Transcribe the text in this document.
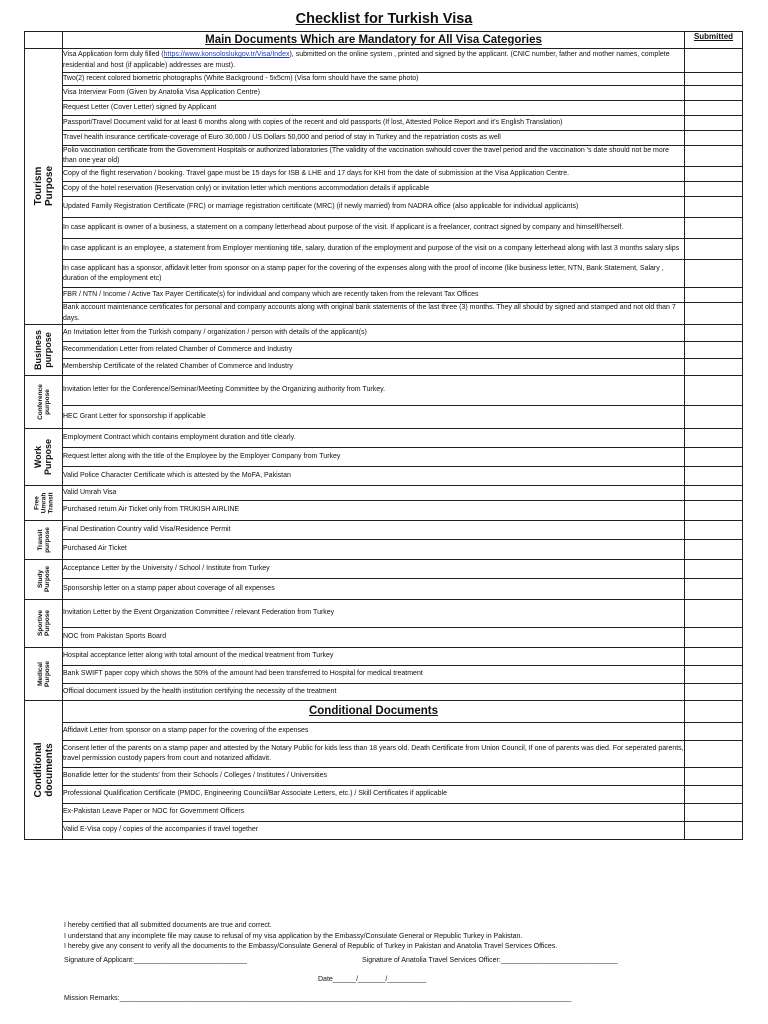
Checklist for Turkish Visa
	Main Documents Which are Mandatory for All Visa Categories	Submitted

Tourism Purpose	Visa Application form duly filled (https://www.konsoloslukgov.tr/Visa/Index), submitted on the online system , printed and signed by the applicant. (CNIC number, father and mother names, complete residential and host (if applicable) addresses are must).	
	Two(2) recent colored biometric photographs (White Background - 5x5cm) (Visa form should have the same photo)	
	Visa Interview Form (Given by Anatolia Visa Application Centre)	
	Request Letter (Cover Letter) signed by Applicant	
	Passport/Travel Document valid for at least 6 months along with copies of the recent and old passports (If lost, Attested Police Report and it's English Translation)	
	Travel health insurance certificate-coverage of Euro 30,000 / US Dollars 50,000 and period of stay in Turkey and the repatriation costs as well	
	Polio vaccination certificate from the Government Hospitals or authorized laboratories (The validity of the vaccination swhould cover the travel period and the vaccination 's date should not be more than one year old)	
	Copy of the flight reservation / booking. Travel gape must be 15 days for ISB & LHE and 17 days for KHI from the date of submission at the Visa Application Centre.	
	Copy of the hotel reservation (Reservation only) or invitation letter which mentions accommodation details if applicable	
	Updated Family Registration Certificate (FRC) or marriage registration certificate (MRC) (if newly married) from NADRA office (also applicable for individual applicants)	
	In case applicant is owner of a business, a statement on a company letterhead about purpose of the visit. If applicant is a freelancer, contract signed by company and himself/herself.	
	In case applicant is an employee, a statement from Employer mentioning title, salary, duration of the employment and purpose of the visit on a company letterhead along with last 3 months salary slips	
	In case applicant has a sponsor, affidavit letter from sponsor on a stamp paper for the covering of the expenses along with the proof of income (like business letter, NTN, Bank Statement, Salary , duration of the employment etc)	
	FBR / NTN / Income / Active Tax Payer Certificate(s) for individual and company which are recently taken from the relevant Tax Offices	
	Bank account maintenance certificates for personal and company accounts along with original bank statements of the last three (3) months. They all should by signed and stamped and not old than 7 days.	

Business
purpose	An Invitation letter from the Turkish company / organization / person with details of the applicant(s)	
	Recommendation Letter from related Chamber of Commerce and Industry	
	Membership Certificate of the related Chamber of Commerce and Industry	

Conference
purpose	Invitation letter for the Conference/Seminar/Meeting Committee by the Organizing authority from Turkey.	
	HEC Grant Letter for sponsorship if applicable	

Work
Purpose	Employment Contract which contains employment duration and title clearly.	
	Request letter along with the title of the Employee by the Employer Company from Turkey	
	Valid Police Character Certificate which is attested by the MoFA, Pakistan	

Free
Umrah
Transit	Valid Umrah Visa	
	Purchased return Air Ticket only from TRUKISH AIRLINE	

Transit
purpose	Final Destination Country valid Visa/Residence Permit	
	Purchased Air Ticket	

Study
Purpose	Acceptance Letter by the University / School / Institute from Turkey	
	Sponsorship letter on a stamp paper about coverage of all expenses	

Sportive
Purpose	Invitation Letter by the Event Organization Committee / relevant Federation from Turkey	
	NOC from Pakistan Sports Board	

Medical
Purpose	Hospital acceptance letter along with total amount of the medical treatment from Turkey	
	Bank SWIFT paper copy which shows the 50% of the amount had been transferred to Hospital for medical treatment	
	Official document issued by the health institution certifying the necessity of the treatment	

Conditional documents	Conditional Documents	
	Affidavit Letter from sponsor on a stamp paper for the covering of the expenses	
	Consent letter of the parents on a stamp paper and attested by the Notary Public for kids less than 18 years old. Death Certificate from Union Council, If one of parents was died. For seperated parents, travel permission custody papers from court and notarized affidavit.	
	Bonafide letter for the students' from their Schools / Colleges / Institutes / Universities	
	Professional Qualification Certificate (PMDC, Engineering Council/Bar Associate Letters, etc.) / Skill Certificates if applicable	
	Ex-Pakistan Leave Paper or NOC for Government Officers	
	Valid E-Visa copy / copies of the accompanies if travel together	
I hereby certified that all submitted documents are true and correct.
I understand that any incomplete file may cause to refusal of my visa application by the Embassy/Consulate General or Republic Turkey in Pakistan.
I hereby give any consent to verify all the documents to the Embassy/Consulate General of Republic of Turkey in Pakistan and Anatolia Travel Services Offices.
Signature of Applicant:_____________________________	Signature of Anatolia Travel Services Officer:______________________________
Date______/_______/__________
Mission Remarks:____________________________________________________________________________________________________________________
